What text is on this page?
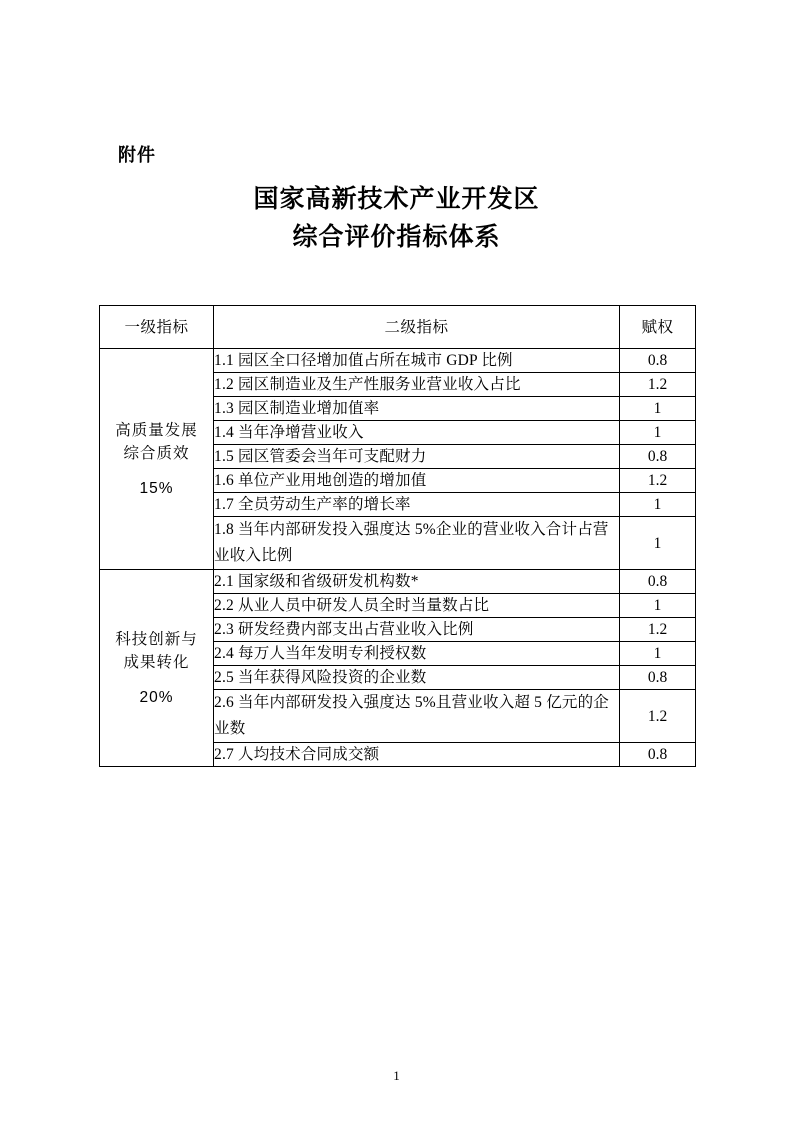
附件
国家高新技术产业开发区
综合评价指标体系
一级指标	二级指标	赋权
高质量发展
综合质效
15%	1.1 园区全口径增加值占所在城市 GDP 比例	0.8
	1.2 园区制造业及生产性服务业营业收入占比	1.2
	1.3 园区制造业增加值率	1
	1.4 当年净增营业收入	1
	1.5 园区管委会当年可支配财力	0.8
	1.6 单位产业用地创造的增加值	1.2
	1.7 全员劳动生产率的增长率	1
	1.8 当年内部研发投入强度达 5%企业的营业收入合计占营业收入比例	1
科技创新与
成果转化
20%	2.1 国家级和省级研发机构数*	0.8
	2.2 从业人员中研发人员全时当量数占比	1
	2.3 研发经费内部支出占营业收入比例	1.2
	2.4 每万人当年发明专利授权数	1
	2.5 当年获得风险投资的企业数	0.8
	2.6 当年内部研发投入强度达 5%且营业收入超 5 亿元的企业数	1.2
	2.7 人均技术合同成交额	0.8
1
